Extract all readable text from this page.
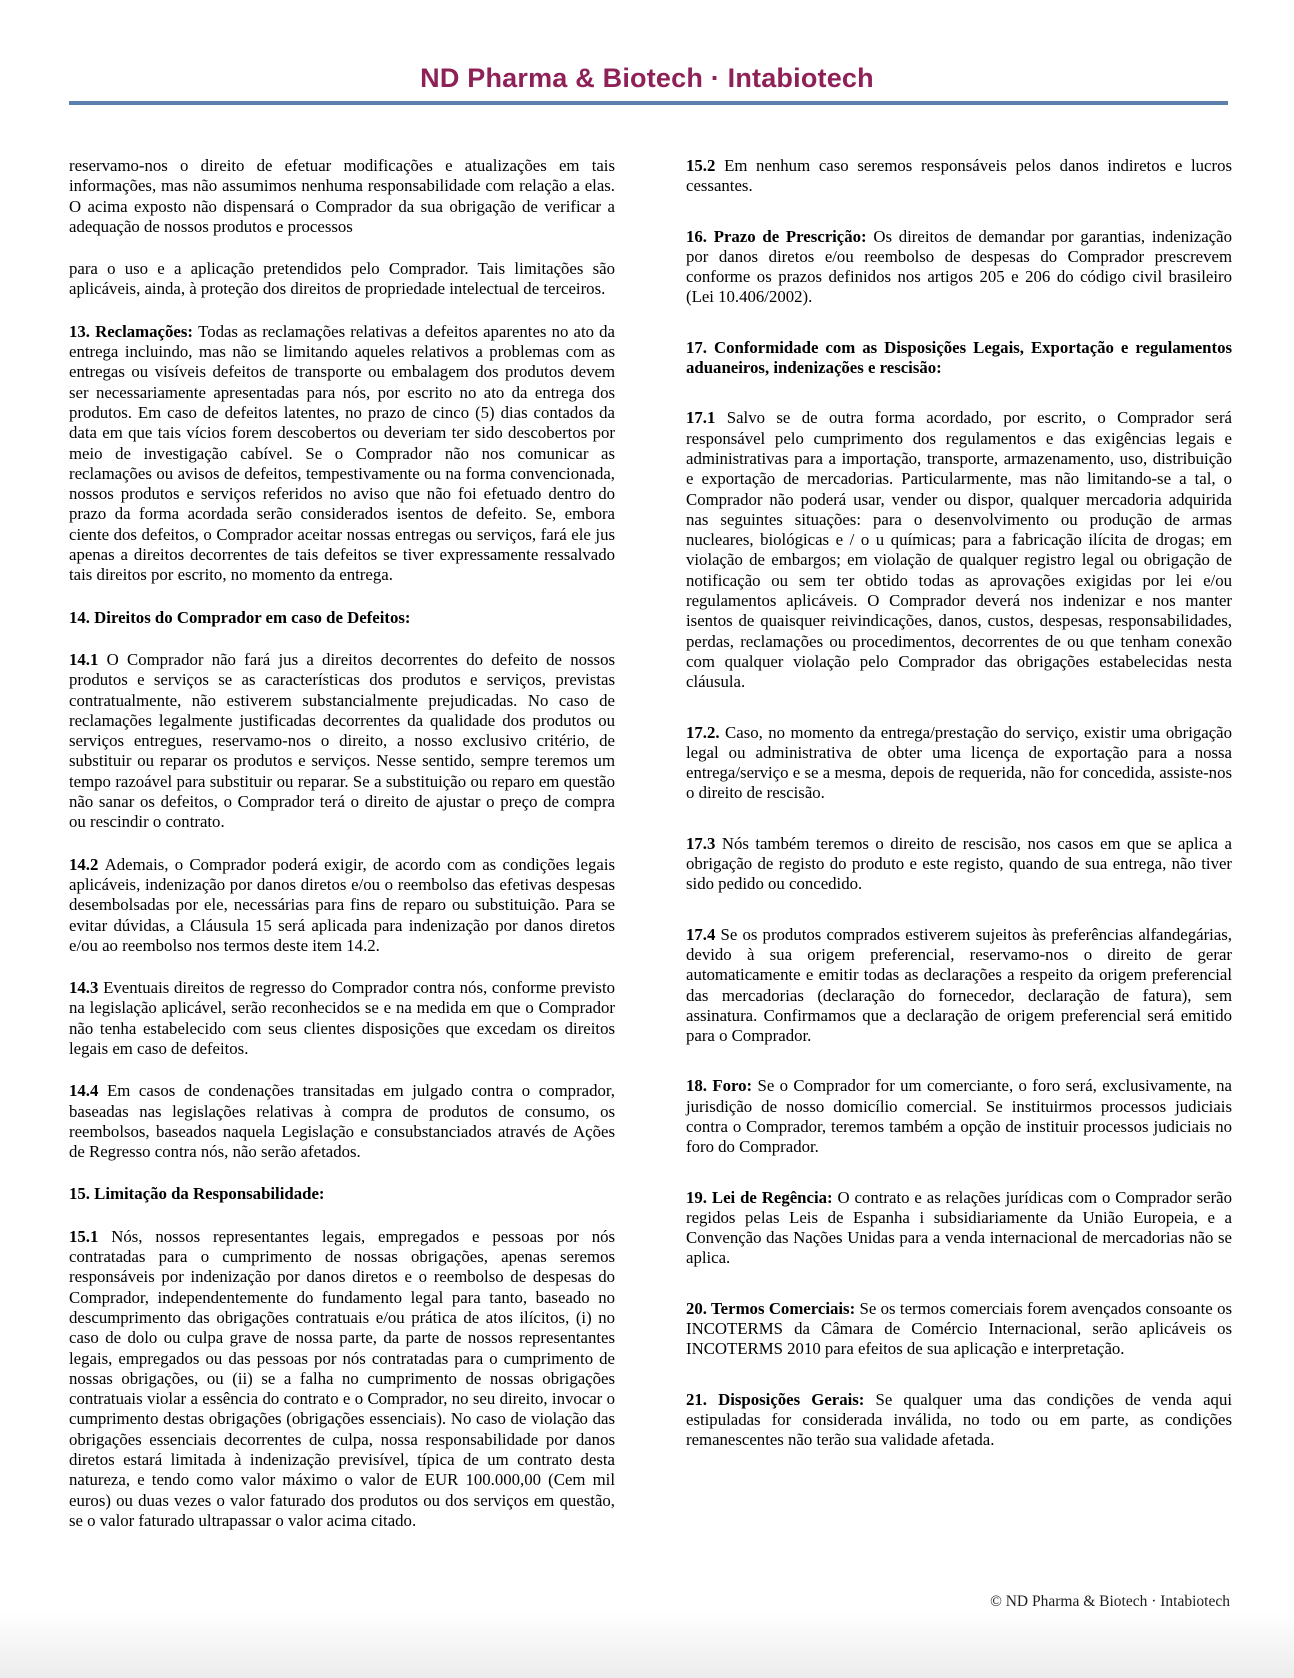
ND Pharma & Biotech · Intabiotech

reservamo-nos o direito de efetuar modificações e atualizações em tais informações, mas não assumimos nenhuma responsabilidade com relação a elas. O acima exposto não dispensará o Comprador da sua obrigação de verificar a adequação de nossos produtos e processos

para o uso e a aplicação pretendidos pelo Comprador. Tais limitações são aplicáveis, ainda, à proteção dos direitos de propriedade intelectual de terceiros.

13. Reclamações: Todas as reclamações relativas a defeitos aparentes no ato da entrega incluindo, mas não se limitando aqueles relativos a problemas com as entregas ou visíveis defeitos de transporte ou embalagem dos produtos devem ser necessariamente apresentadas para nós, por escrito no ato da entrega dos produtos. Em caso de defeitos latentes, no prazo de cinco (5) dias contados da data em que tais vícios forem descobertos ou deveriam ter sido descobertos por meio de investigação cabível. Se o Comprador não nos comunicar as reclamações ou avisos de defeitos, tempestivamente ou na forma convencionada, nossos produtos e serviços referidos no aviso que não foi efetuado dentro do prazo da forma acordada serão considerados isentos de defeito. Se, embora ciente dos defeitos, o Comprador aceitar nossas entregas ou serviços, fará ele jus apenas a direitos decorrentes de tais defeitos se tiver expressamente ressalvado tais direitos por escrito, no momento da entrega.

14. Direitos do Comprador em caso de Defeitos:

14.1 O Comprador não fará jus a direitos decorrentes do defeito de nossos produtos e serviços se as características dos produtos e serviços, previstas contratualmente, não estiverem substancialmente prejudicadas. No caso de reclamações legalmente justificadas decorrentes da qualidade dos produtos ou serviços entregues, reservamo-nos o direito, a nosso exclusivo critério, de substituir ou reparar os produtos e serviços. Nesse sentido, sempre teremos um tempo razoável para substituir ou reparar. Se a substituição ou reparo em questão não sanar os defeitos, o Comprador terá o direito de ajustar o preço de compra ou rescindir o contrato.

14.2 Ademais, o Comprador poderá exigir, de acordo com as condições legais aplicáveis, indenização por danos diretos e/ou o reembolso das efetivas despesas desembolsadas por ele, necessárias para fins de reparo ou substituição. Para se evitar dúvidas, a Cláusula 15 será aplicada para indenização por danos diretos e/ou ao reembolso nos termos deste item 14.2.

14.3 Eventuais direitos de regresso do Comprador contra nós, conforme previsto na legislação aplicável, serão reconhecidos se e na medida em que o Comprador não tenha estabelecido com seus clientes disposições que excedam os direitos legais em caso de defeitos.

14.4 Em casos de condenações transitadas em julgado contra o comprador, baseadas nas legislações relativas à compra de produtos de consumo, os reembolsos, baseados naquela Legislação e consubstanciados através de Ações de Regresso contra nós, não serão afetados.

15. Limitação da Responsabilidade:

15.1 Nós, nossos representantes legais, empregados e pessoas por nós contratadas para o cumprimento de nossas obrigações, apenas seremos responsáveis por indenização por danos diretos e o reembolso de despesas do Comprador, independentemente do fundamento legal para tanto, baseado no descumprimento das obrigações contratuais e/ou prática de atos ilícitos, (i) no caso de dolo ou culpa grave de nossa parte, da parte de nossos representantes legais, empregados ou das pessoas por nós contratadas para o cumprimento de nossas obrigações, ou (ii) se a falha no cumprimento de nossas obrigações contratuais violar a essência do contrato e o Comprador, no seu direito, invocar o cumprimento destas obrigações (obrigações essenciais). No caso de violação das obrigações essenciais decorrentes de culpa, nossa responsabilidade por danos diretos estará limitada à indenização previsível, típica de um contrato desta natureza, e tendo como valor máximo o valor de EUR 100.000,00 (Cem mil euros) ou duas vezes o valor faturado dos produtos ou dos serviços em questão, se o valor faturado ultrapassar o valor acima citado.

15.2 Em nenhum caso seremos responsáveis pelos danos indiretos e lucros cessantes.

16. Prazo de Prescrição: Os direitos de demandar por garantias, indenização por danos diretos e/ou reembolso de despesas do Comprador prescrevem conforme os prazos definidos nos artigos 205 e 206 do código civil brasileiro (Lei 10.406/2002).

17. Conformidade com as Disposições Legais, Exportação e regulamentos aduaneiros, indenizações e rescisão:

17.1 Salvo se de outra forma acordado, por escrito, o Comprador será responsável pelo cumprimento dos regulamentos e das exigências legais e administrativas para a importação, transporte, armazenamento, uso, distribuição e exportação de mercadorias. Particularmente, mas não limitando-se a tal, o Comprador não poderá usar, vender ou dispor, qualquer mercadoria adquirida nas seguintes situações: para o desenvolvimento ou produção de armas nucleares, biológicas e / o u químicas; para a fabricação ilícita de drogas; em violação de embargos; em violação de qualquer registro legal ou obrigação de notificação ou sem ter obtido todas as aprovações exigidas por lei e/ou regulamentos aplicáveis. O Comprador deverá nos indenizar e nos manter isentos de quaisquer reivindicações, danos, custos, despesas, responsabilidades, perdas, reclamações ou procedimentos, decorrentes de ou que tenham conexão com qualquer violação pelo Comprador das obrigações estabelecidas nesta cláusula.

17.2. Caso, no momento da entrega/prestação do serviço, existir uma obrigação legal ou administrativa de obter uma licença de exportação para a nossa entrega/serviço e se a mesma, depois de requerida, não for concedida, assiste-nos o direito de rescisão.

17.3 Nós também teremos o direito de rescisão, nos casos em que se aplica a obrigação de registo do produto e este registo, quando de sua entrega, não tiver sido pedido ou concedido.

17.4 Se os produtos comprados estiverem sujeitos às preferências alfandegárias, devido à sua origem preferencial, reservamo-nos o direito de gerar automaticamente e emitir todas as declarações a respeito da origem preferencial das mercadorias (declaração do fornecedor, declaração de fatura), sem assinatura. Confirmamos que a declaração de origem preferencial será emitido para o Comprador.

18. Foro: Se o Comprador for um comerciante, o foro será, exclusivamente, na jurisdição de nosso domicílio comercial. Se instituirmos processos judiciais contra o Comprador, teremos também a opção de instituir processos judiciais no foro do Comprador.

19. Lei de Regência: O contrato e as relações jurídicas com o Comprador serão regidos pelas Leis de Espanha i subsidiariamente da União Europeia, e a Convenção das Nações Unidas para a venda internacional de mercadorias não se aplica.

20. Termos Comerciais: Se os termos comerciais forem avençados consoante os INCOTERMS da Câmara de Comércio Internacional, serão aplicáveis os INCOTERMS 2010 para efeitos de sua aplicação e interpretação.

21. Disposições Gerais: Se qualquer uma das condições de venda aqui estipuladas for considerada inválida, no todo ou em parte, as condições remanescentes não terão sua validade afetada.

© ND Pharma & Biotech · Intabiotech
